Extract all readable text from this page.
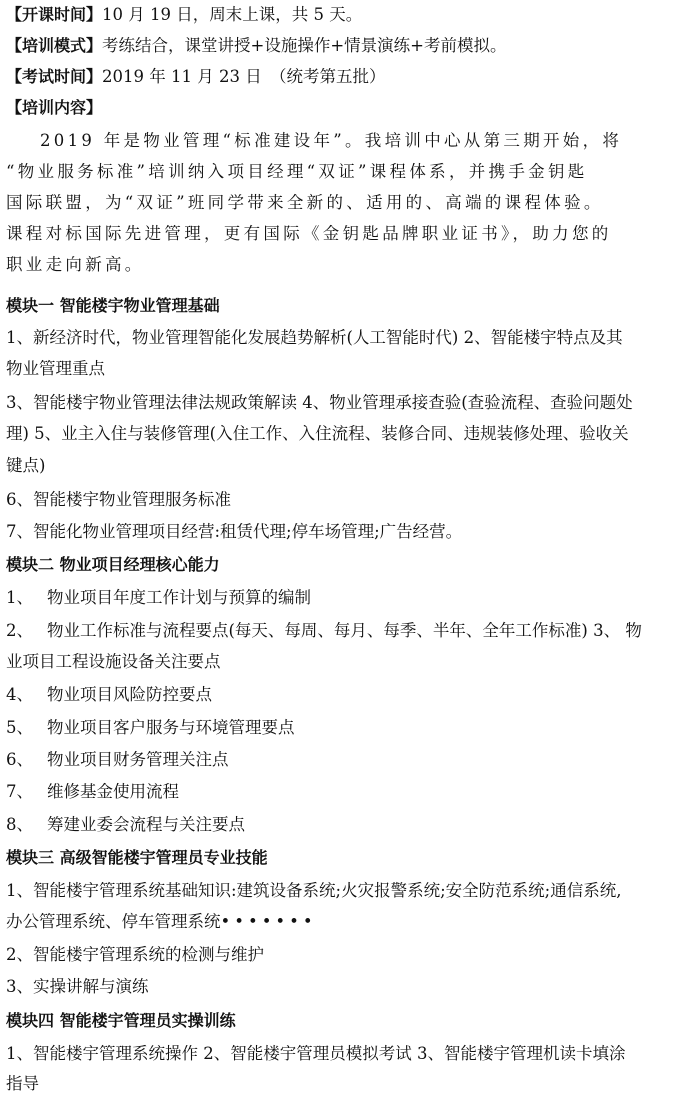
【开课时间】10 月 19 日，周末上课，共 5 天。
【培训模式】考练结合，课堂讲授+设施操作+情景演练+考前模拟。
【考试时间】2019 年 11 月 23 日　（统考第五批）
【培训内容】
2019 年是物业管理“标准建设年”。我培训中心从第三期开始，将
“物业服务标准”培训纳入项目经理“双证”课程体系，并携手金钥匙
国际联盟，为“双证”班同学带来全新的、适用的、高端的课程体验。
课程对标国际先进管理，更有国际《金钥匙品牌职业证书》，助力您的
职业走向新高。
模块一 智能楼宇物业管理基础
1、新经济时代，物业管理智能化发展趋势解析(人工智能时代) 2、智能楼宇特点及其
物业管理重点
3、智能楼宇物业管理法律法规政策解读 4、物业管理承接查验(查验流程、查验问题处
理) 5、业主入住与装修管理(入住工作、入住流程、装修合同、违规装修处理、验收关
键点)
6、智能楼宇物业管理服务标准
7、智能化物业管理项目经营:租赁代理;停车场管理;广告经营。
模块二 物业项目经理核心能力
1、 物业项目年度工作计划与预算的编制
2、 物业工作标准与流程要点(每天、每周、每月、每季、半年、全年工作标准) 3、 物
业项目工程设施设备关注要点
4、 物业项目风险防控要点
5、 物业项目客户服务与环境管理要点
6、 物业项目财务管理关注点
7、 维修基金使用流程
8、 筹建业委会流程与关注要点
模块三 高级智能楼宇管理员专业技能
1、智能楼宇管理系统基础知识:建筑设备系统;火灾报警系统;安全防范系统;通信系统,
办公管理系统、停车管理系统•••••••
2、智能楼宇管理系统的检测与维护
3、实操讲解与演练
模块四 智能楼宇管理员实操训练
1、智能楼宇管理系统操作 2、智能楼宇管理员模拟考试 3、智能楼宇管理机读卡填涂
指导
